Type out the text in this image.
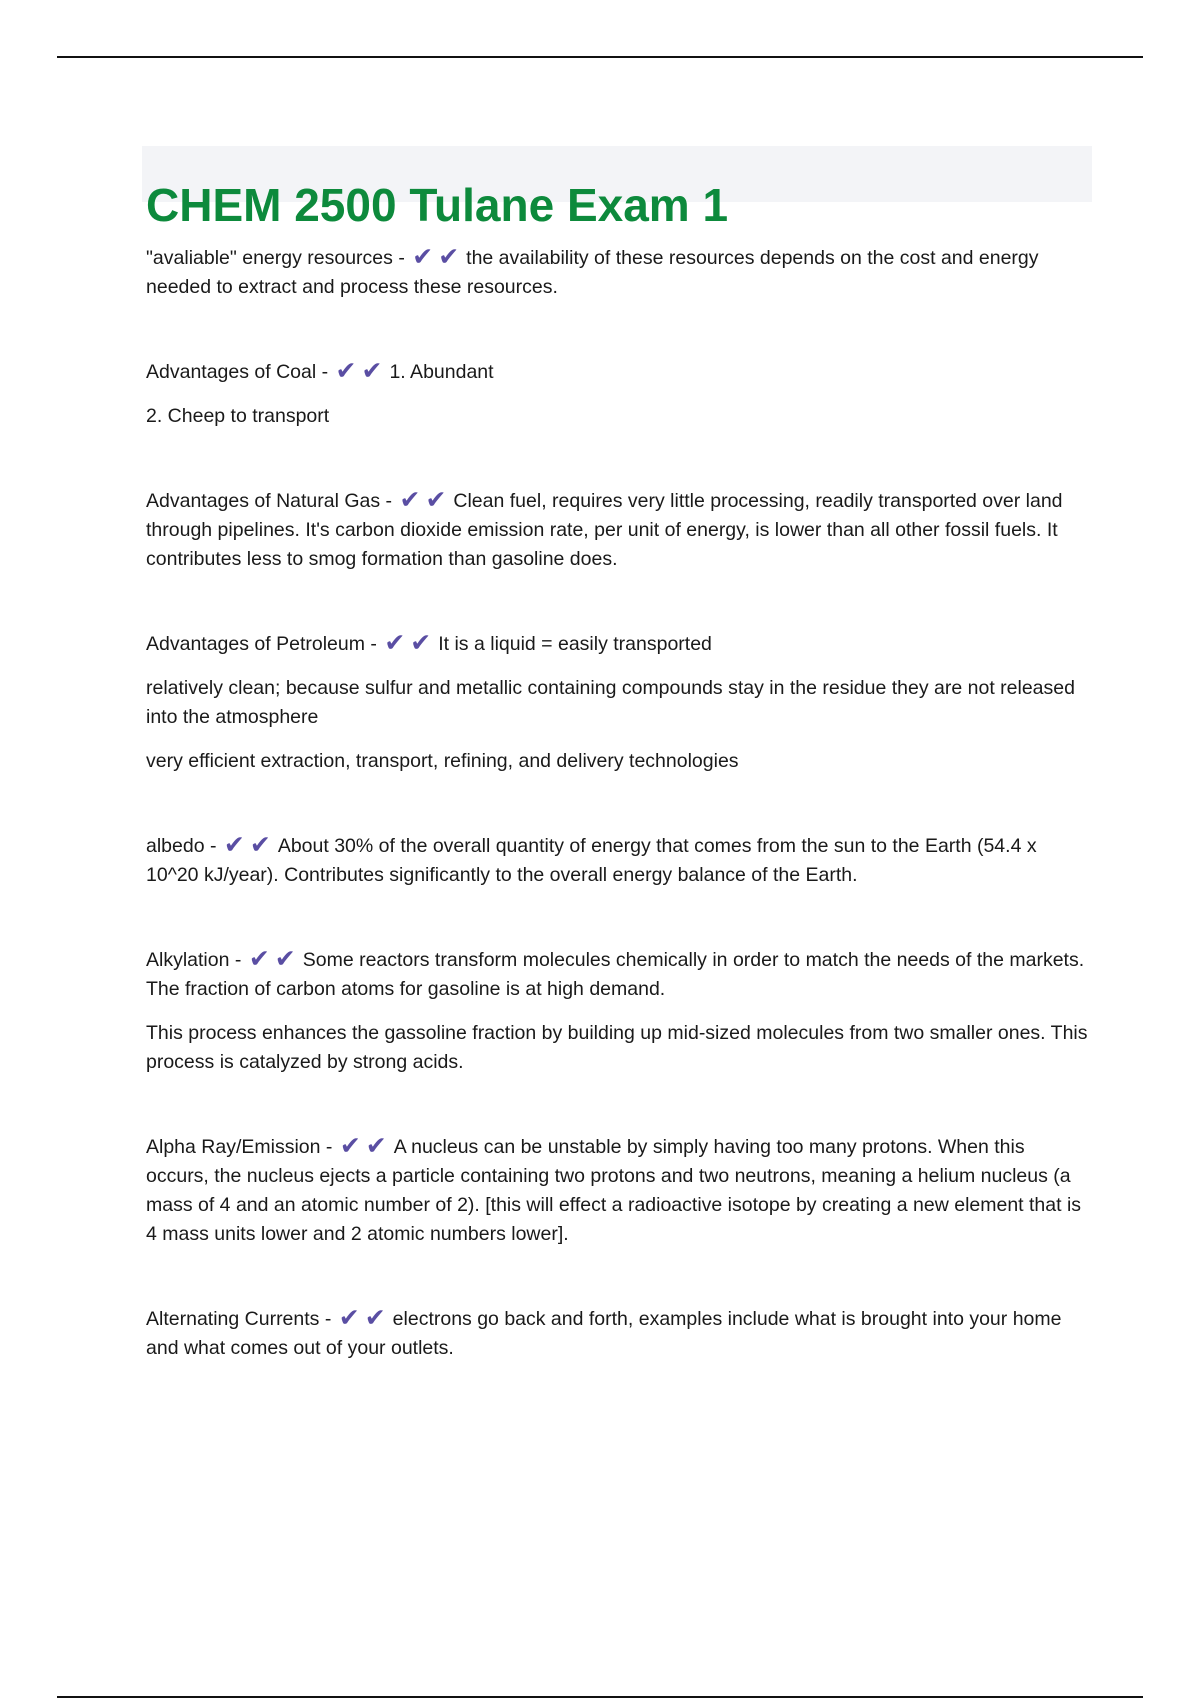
CHEM 2500 Tulane Exam 1

"avaliable" energy resources - ✔ ✔ the availability of these resources depends on the cost and energy needed to extract and process these resources.

Advantages of Coal - ✔ ✔ 1. Abundant

2. Cheep to transport

Advantages of Natural Gas - ✔ ✔ Clean fuel, requires very little processing, readily transported over land through pipelines. It's carbon dioxide emission rate, per unit of energy, is lower than all other fossil fuels. It contributes less to smog formation than gasoline does.

Advantages of Petroleum - ✔ ✔ It is a liquid = easily transported

relatively clean; because sulfur and metallic containing compounds stay in the residue they are not released into the atmosphere

very efficient extraction, transport, refining, and delivery technologies

albedo - ✔ ✔ About 30% of the overall quantity of energy that comes from the sun to the Earth (54.4 x 10^20 kJ/year). Contributes significantly to the overall energy balance of the Earth.

Alkylation - ✔ ✔ Some reactors transform molecules chemically in order to match the needs of the markets. The fraction of carbon atoms for gasoline is at high demand.

This process enhances the gassoline fraction by building up mid-sized molecules from two smaller ones. This process is catalyzed by strong acids.

Alpha Ray/Emission - ✔ ✔ A nucleus can be unstable by simply having too many protons. When this occurs, the nucleus ejects a particle containing two protons and two neutrons, meaning a helium nucleus (a mass of 4 and an atomic number of 2). [this will effect a radioactive isotope by creating a new element that is 4 mass units lower and 2 atomic numbers lower].

Alternating Currents - ✔ ✔ electrons go back and forth, examples include what is brought into your home and what comes out of your outlets.
